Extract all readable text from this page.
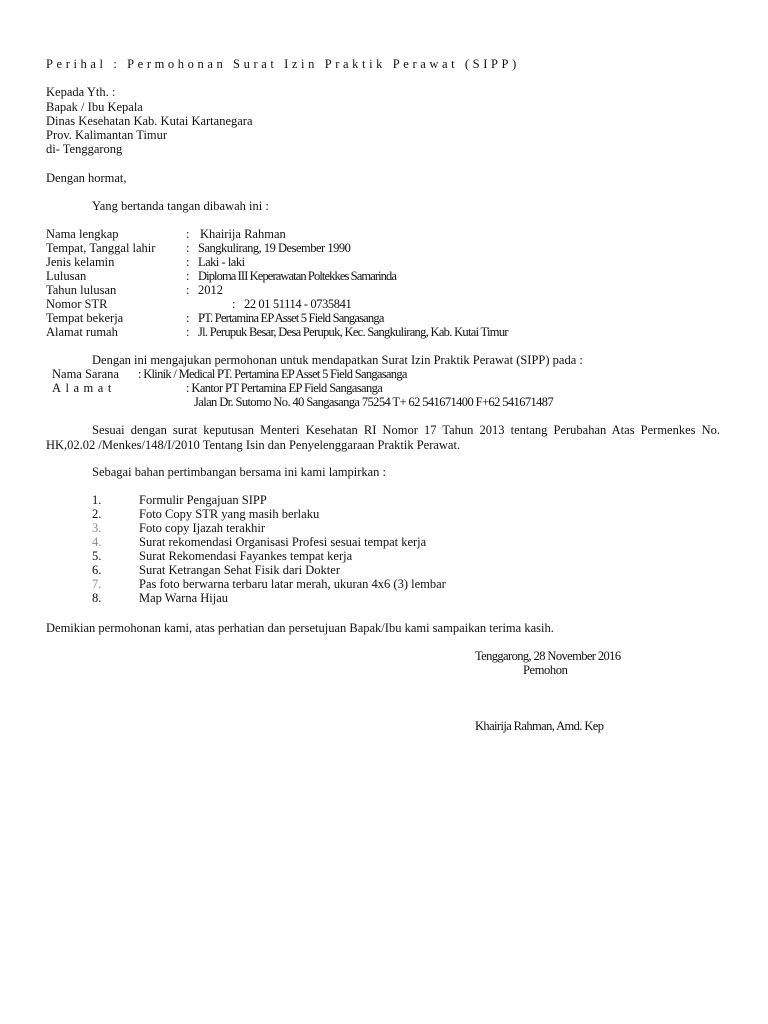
Perihal : Permohonan Surat Izin Praktik Perawat (SIPP)
Kepada Yth. :
Bapak / Ibu Kepala
Dinas Kesehatan Kab. Kutai Kartanegara
Prov. Kalimantan Timur
di- Tenggarong
Dengan hormat,
Yang bertanda tangan dibawah ini :
Nama lengkap	: Khairija Rahman
Tempat, Tanggal lahir : Sangkulirang, 19 Desember 1990
Jenis kelamin	: Laki - laki
Lulusan	: Diploma III Keperawatan Poltekkes Samarinda
Tahun lulusan	: 2012
Nomor STR	: 22 01 51114 - 0735841
Tempat bekerja	: PT. Pertamina EP Asset 5 Field Sangasanga
Alamat rumah	: Jl. Perupuk Besar, Desa Perupuk, Kec. Sangkulirang, Kab. Kutai Timur
Dengan ini mengajukan permohonan untuk mendapatkan Surat Izin Praktik Perawat (SIPP) pada :
Nama Sarana : Klinik / Medical PT. Pertamina EP Asset 5 Field Sangasanga
Alamat	: Kantor PT Pertamina EP Field Sangasanga
Jalan Dr. Sutomo No. 40 Sangasanga 75254 T+ 62 541671400 F+62 541671487
Sesuai dengan surat keputusan Menteri Kesehatan RI Nomor 17 Tahun 2013 tentang Perubahan Atas Permenkes No. HK,02.02 /Menkes/148/I/2010 Tentang Isin dan Penyelenggaraan Praktik Perawat.
Sebagai bahan pertimbangan bersama ini kami lampirkan :
1.	Formulir Pengajuan SIPP
2.	Foto Copy STR yang masih berlaku
3.	Foto copy Ijazah terakhir
4.	Surat rekomendasi Organisasi Profesi sesuai tempat kerja
5.	Surat Rekomendasi Fayankes tempat kerja
6.	Surat Ketrangan Sehat Fisik dari Dokter
7.	Pas foto berwarna terbaru latar merah, ukuran 4x6 (3) lembar
8.	Map Warna Hijau
Demikian permohonan kami, atas perhatian dan persetujuan Bapak/Ibu kami sampaikan terima kasih.
Tenggarong, 28 November 2016
Pemohon
Khairija Rahman, Amd. Kep
